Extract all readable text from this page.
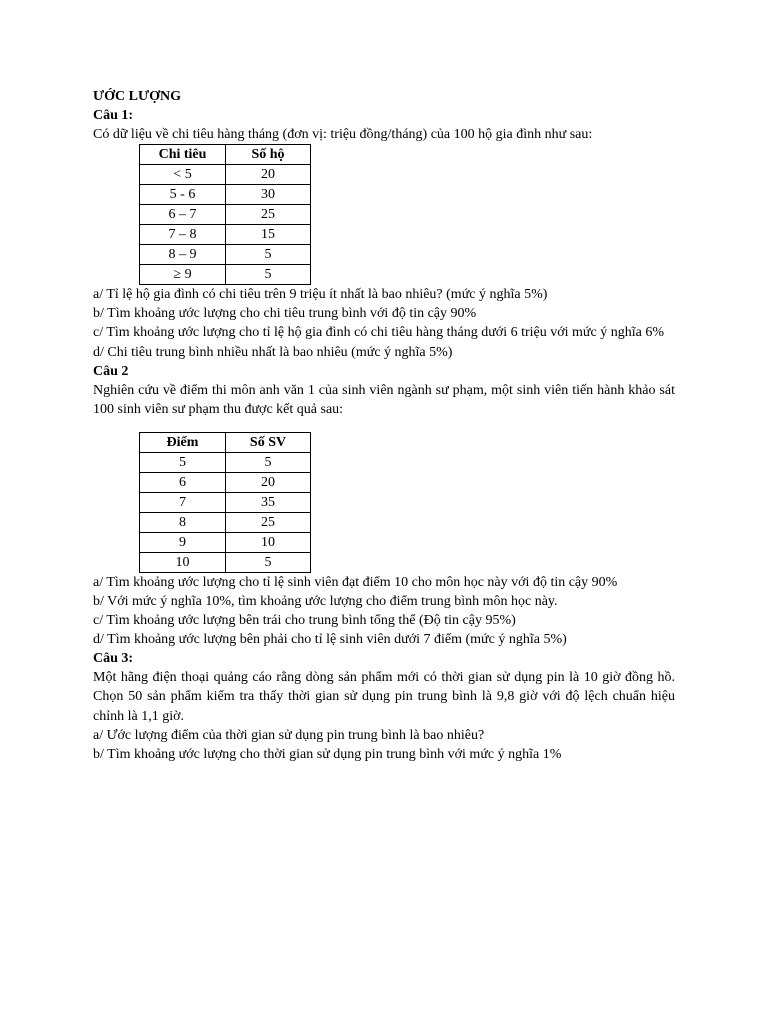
ƯỚC LƯỢNG

Câu 1:

Có dữ liệu về chi tiêu hàng tháng (đơn vị: triệu đồng/tháng) của 100 hộ gia đình như sau:

Chi tiêu	Số hộ
< 5	20
5 - 6	30
6 – 7	25
7 – 8	15
8 – 9	5
≥ 9	5

a/ Tỉ lệ hộ gia đình có chi tiêu trên 9 triệu ít nhất là bao nhiêu? (mức ý nghĩa 5%)

b/ Tìm khoảng ước lượng cho chi tiêu trung bình với độ tin cậy 90%

c/ Tìm khoảng ước lượng cho tỉ lệ hộ gia đình có chi tiêu hàng tháng dưới 6 triệu với mức ý nghĩa 6%

d/ Chi tiêu trung bình nhiều nhất là bao nhiêu (mức ý nghĩa 5%)

Câu 2

Nghiên cứu về điểm thi môn anh văn 1 của sinh viên ngành sư phạm, một sinh viên tiến hành khảo sát 100 sinh viên sư phạm thu được kết quả sau:

Điểm	Số SV
5	5
6	20
7	35
8	25
9	10
10	5

a/ Tìm khoảng ước lượng cho tỉ lệ sinh viên đạt điểm 10 cho môn học này với độ tin cậy 90%

b/ Với mức ý nghĩa 10%, tìm khoảng ước lượng cho điểm trung bình môn học này.

c/ Tìm khoảng ước lượng bên trái cho trung bình tổng thể (Độ tin cậy 95%)

d/ Tìm khoảng ước lượng bên phải cho tỉ lệ sinh viên dưới 7 điểm (mức ý nghĩa 5%)

Câu 3:

Một hãng điện thoại quảng cáo rằng dòng sản phẩm mới có thời gian sử dụng pin là 10 giờ đồng hồ. Chọn 50 sản phẩm kiểm tra thấy thời gian sử dụng pin trung bình là 9,8 giờ với độ lệch chuẩn hiệu chỉnh là 1,1 giờ.

a/ Ước lượng điểm của thời gian sử dụng pin trung bình là bao nhiêu?

b/ Tìm khoảng ước lượng cho thời gian sử dụng pin trung bình với mức ý nghĩa 1%
